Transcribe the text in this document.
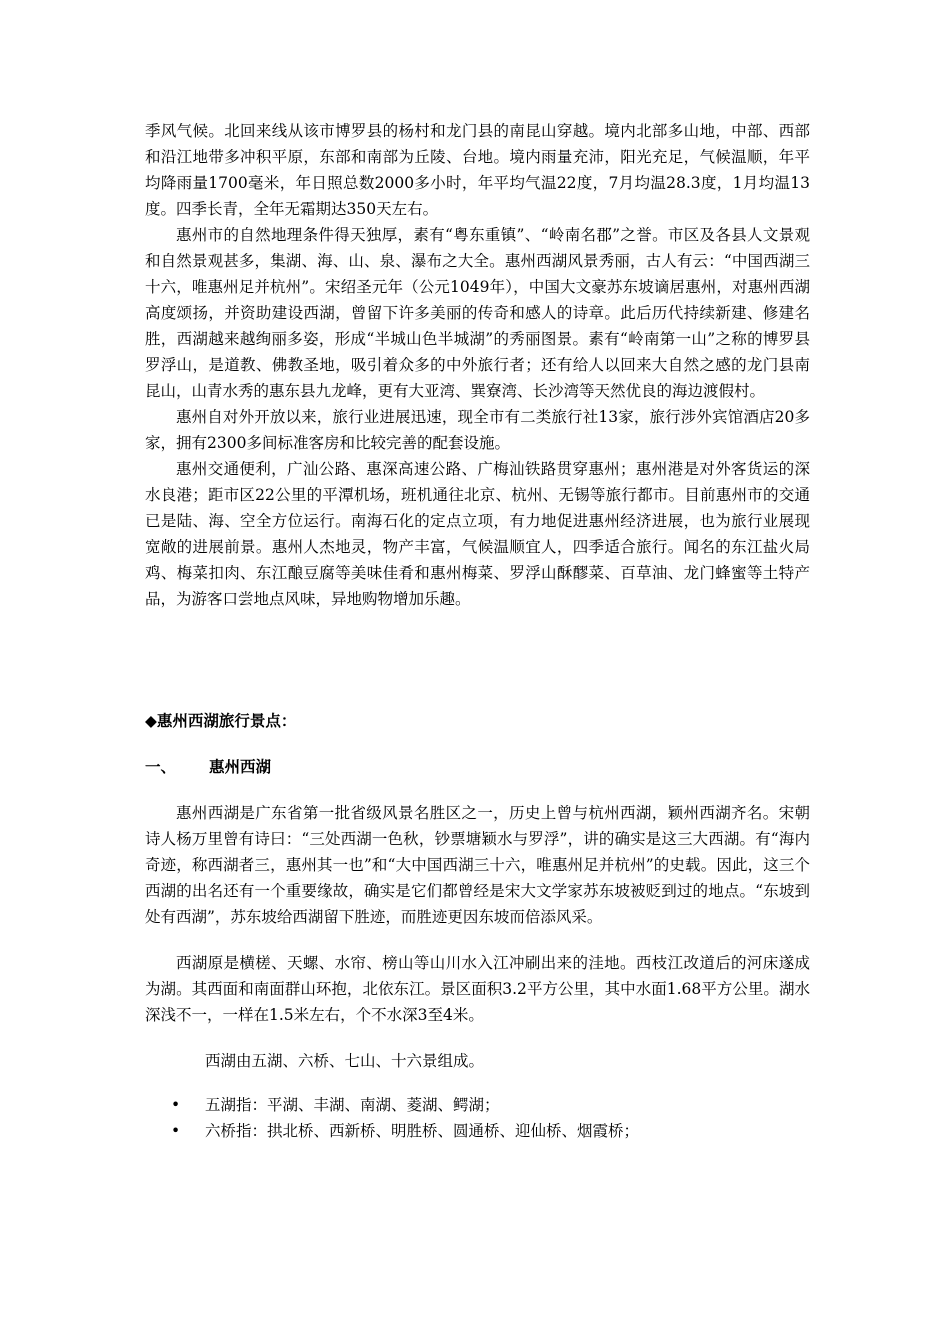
季风气候。北回来线从该市博罗县的杨村和龙门县的南昆山穿越。境内北部多山地，中部、西部和沿江地带多冲积平原，东部和南部为丘陵、台地。境内雨量充沛，阳光充足，气候温顺，年平均降雨量1700毫米，年日照总数2000多小时，年平均气温22度，7月均温28.3度，1月均温13度。四季长青，全年无霜期达350天左右。

惠州市的自然地理条件得天独厚，素有“粤东重镇”、“岭南名郡”之誉。市区及各县人文景观和自然景观甚多，集湖、海、山、泉、瀑布之大全。惠州西湖风景秀丽，古人有云：“中国西湖三十六，唯惠州足并杭州”。宋绍圣元年（公元1049年），中国大文豪苏东坡谪居惠州，对惠州西湖高度颂扬，并资助建设西湖，曾留下许多美丽的传奇和感人的诗章。此后历代持续新建、修建名胜，西湖越来越绚丽多姿，形成“半城山色半城湖”的秀丽图景。素有“岭南第一山”之称的博罗县罗浮山，是道教、佛教圣地，吸引着众多的中外旅行者；还有给人以回来大自然之感的龙门县南昆山，山青水秀的惠东县九龙峰，更有大亚湾、巽寮湾、长沙湾等天然优良的海边渡假村。

惠州自对外开放以来，旅行业进展迅速，现全市有二类旅行社13家，旅行涉外宾馆酒店20多家，拥有2300多间标准客房和比较完善的配套设施。

惠州交通便利，广汕公路、惠深高速公路、广梅汕铁路贯穿惠州；惠州港是对外客货运的深水良港；距市区22公里的平潭机场，班机通往北京、杭州、无锡等旅行都市。目前惠州市的交通已是陆、海、空全方位运行。南海石化的定点立项，有力地促进惠州经济进展，也为旅行业展现宽敞的进展前景。惠州人杰地灵，物产丰富，气候温顺宜人，四季适合旅行。闻名的东江盐火局鸡、梅菜扣肉、东江酿豆腐等美味佳肴和惠州梅菜、罗浮山酥醪菜、百草油、龙门蜂蜜等土特产品，为游客口尝地点风味，异地购物增加乐趣。

◆惠州西湖旅行景点：

一、	惠州西湖

惠州西湖是广东省第一批省级风景名胜区之一，历史上曾与杭州西湖，颖州西湖齐名。宋朝诗人杨万里曾有诗曰：“三处西湖一色秋，钞票塘颖水与罗浮”，讲的确实是这三大西湖。有“海内奇迹，称西湖者三，惠州其一也”和“大中国西湖三十六，唯惠州足并杭州”的史载。因此，这三个西湖的出名还有一个重要缘故，确实是它们都曾经是宋大文学家苏东坡被贬到过的地点。“东坡到处有西湖”，苏东坡给西湖留下胜迹，而胜迹更因东坡而倍添风采。

西湖原是横槎、天螺、水帘、榜山等山川水入江冲刷出来的洼地。西枝江改道后的河床遂成为湖。其西面和南面群山环抱，北依东江。景区面积3.2平方公里，其中水面1.68平方公里。湖水深浅不一，一样在1.5米左右，个不水深3至4米。

西湖由五湖、六桥、七山、十六景组成。

•	五湖指：平湖、丰湖、南湖、菱湖、鳄湖；
•	六桥指：拱北桥、西新桥、明胜桥、圆通桥、迎仙桥、烟霞桥；
